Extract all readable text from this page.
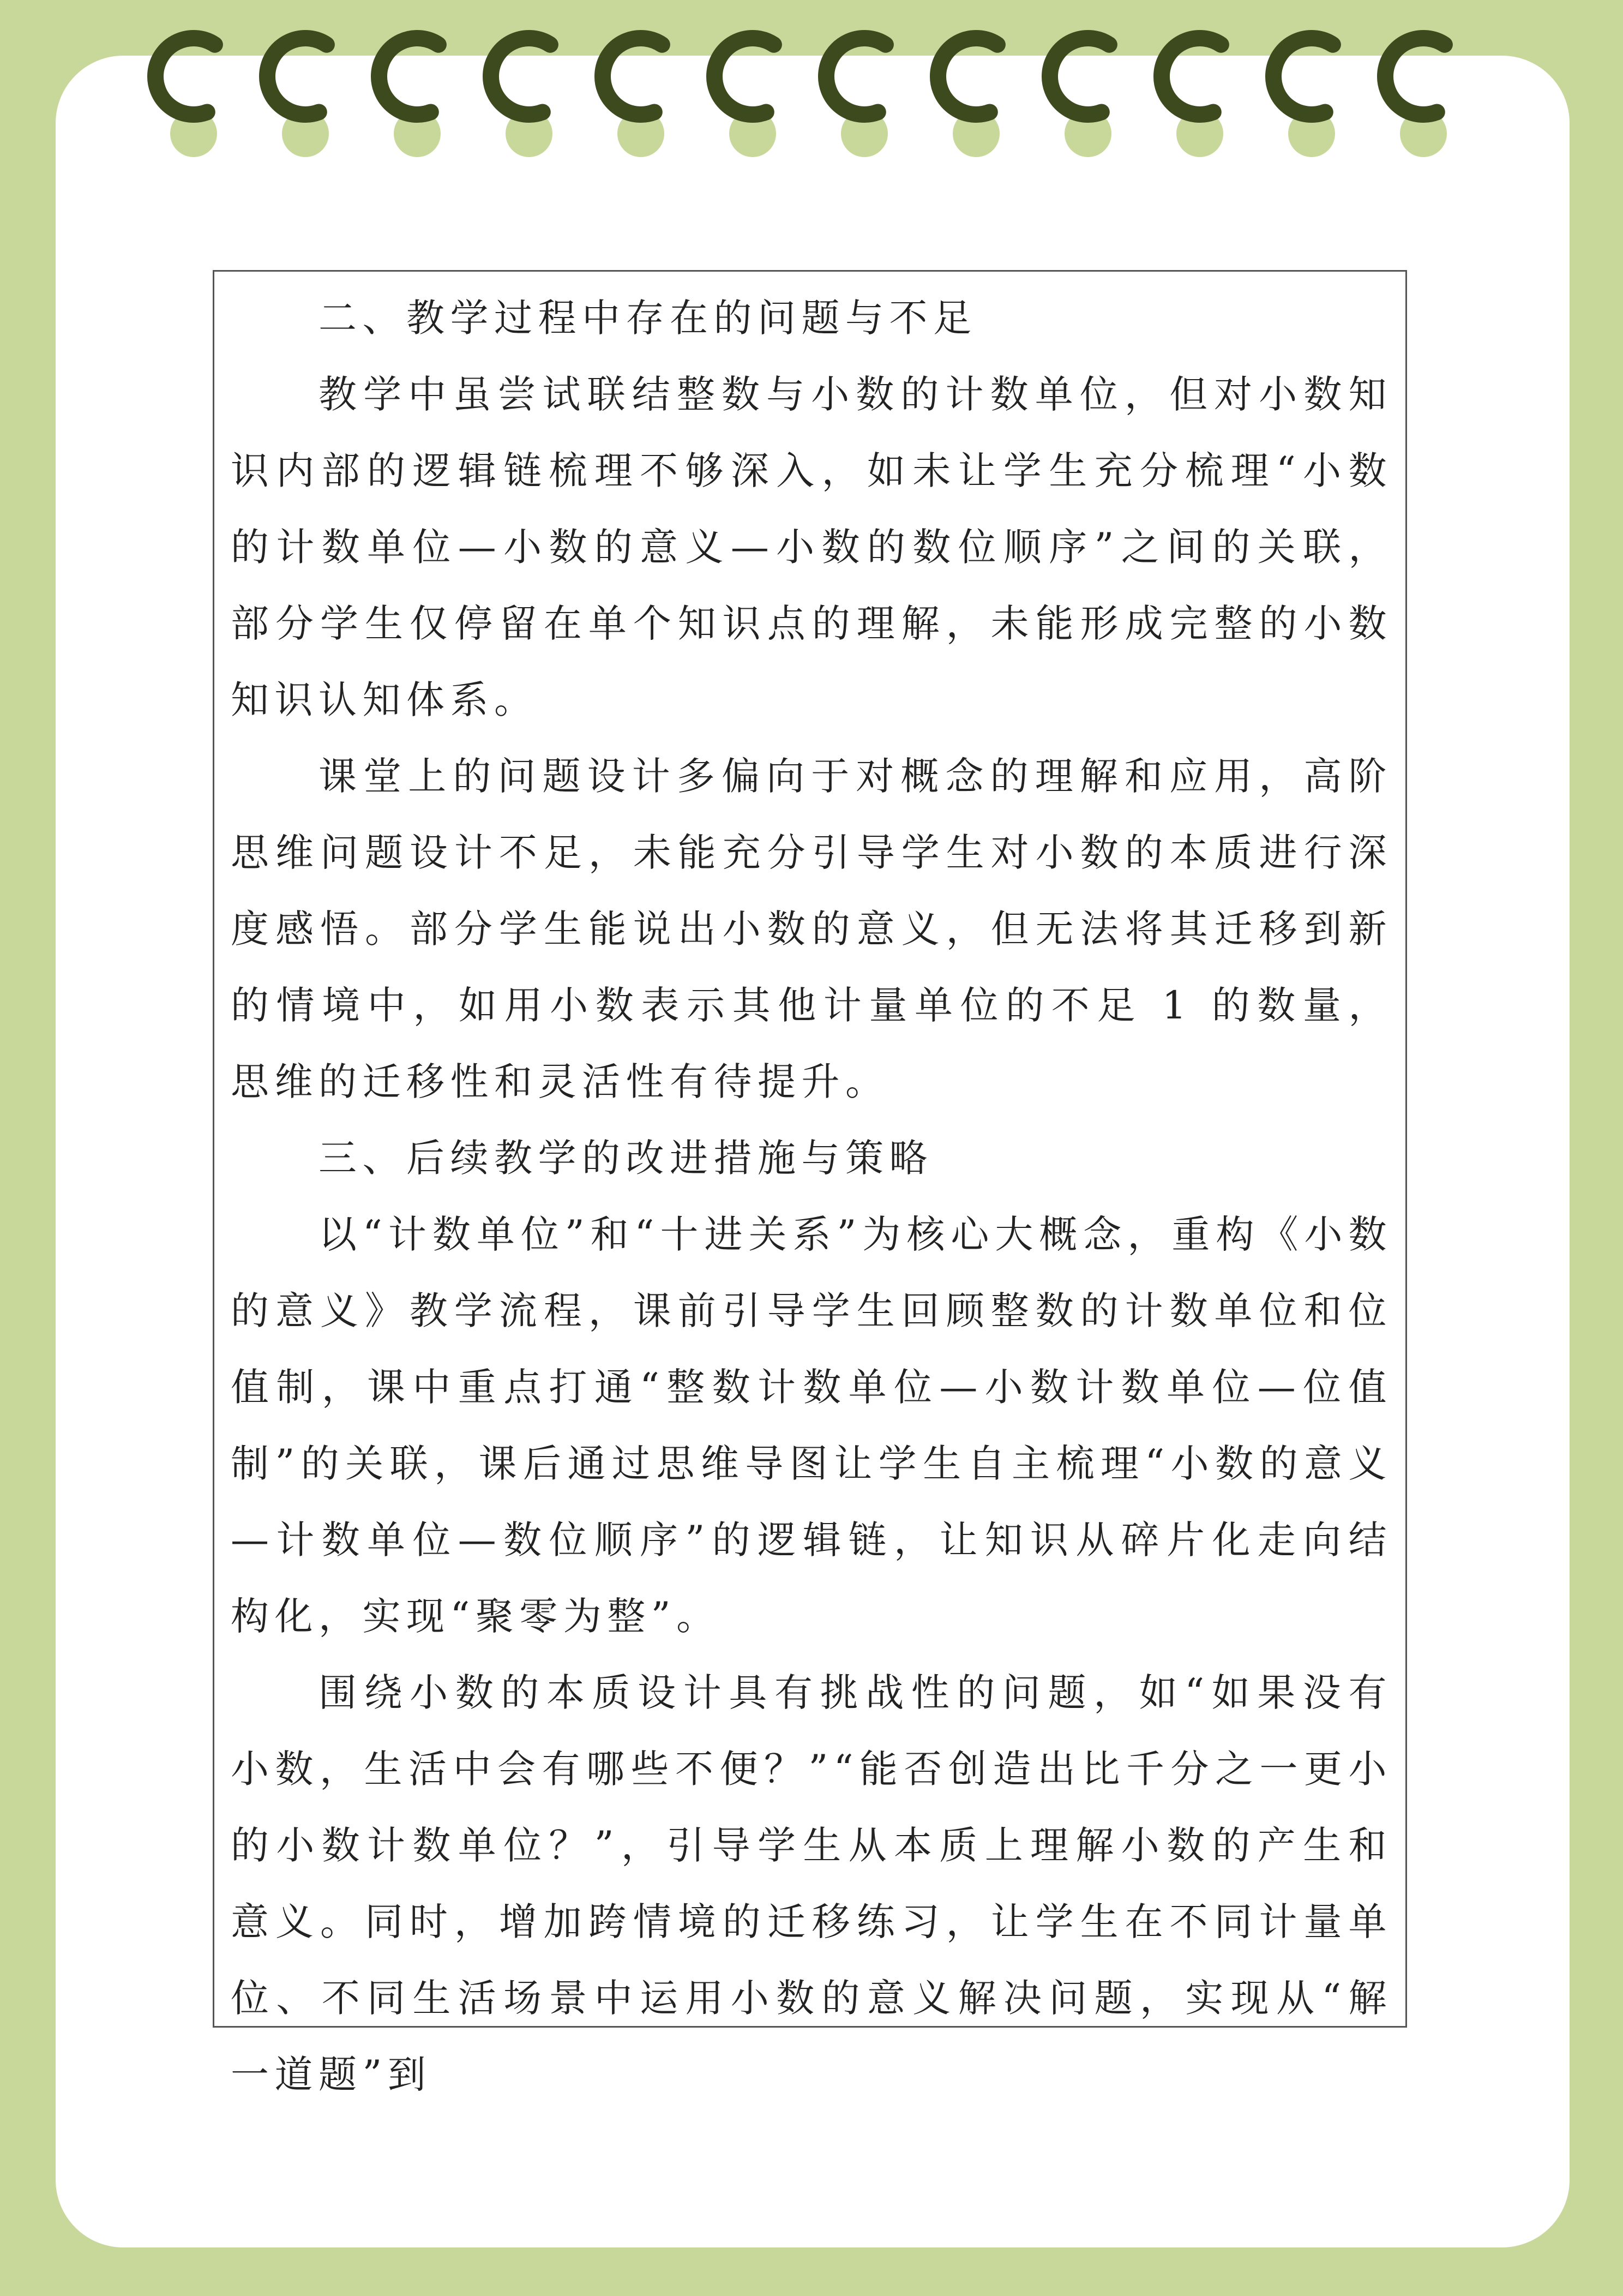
二、教学过程中存在的问题与不足

教学中虽尝试联结整数与小数的计数单位，但对小数知识内部的逻辑链梳理不够深入，如未让学生充分梳理“小数的计数单位—小数的意义—小数的数位顺序”之间的关联，部分学生仅停留在单个知识点的理解，未能形成完整的小数知识认知体系。

课堂上的问题设计多偏向于对概念的理解和应用，高阶思维问题设计不足，未能充分引导学生对小数的本质进行深度感悟。部分学生能说出小数的意义，但无法将其迁移到新的情境中，如用小数表示其他计量单位的不足 1 的数量，思维的迁移性和灵活性有待提升。

三、后续教学的改进措施与策略

以“计数单位”和“十进关系”为核心大概念，重构《小数的意义》教学流程，课前引导学生回顾整数的计数单位和位值制，课中重点打通“整数计数单位—小数计数单位—位值制”的关联，课后通过思维导图让学生自主梳理“小数的意义—计数单位—数位顺序”的逻辑链，让知识从碎片化走向结构化，实现“聚零为整”。

围绕小数的本质设计具有挑战性的问题，如“如果没有小数，生活中会有哪些不便？”“能否创造出比千分之一更小的小数计数单位？”，引导学生从本质上理解小数的产生和意义。同时，增加跨情境的迁移练习，让学生在不同计量单位、不同生活场景中运用小数的意义解决问题，实现从“解一道题”到
